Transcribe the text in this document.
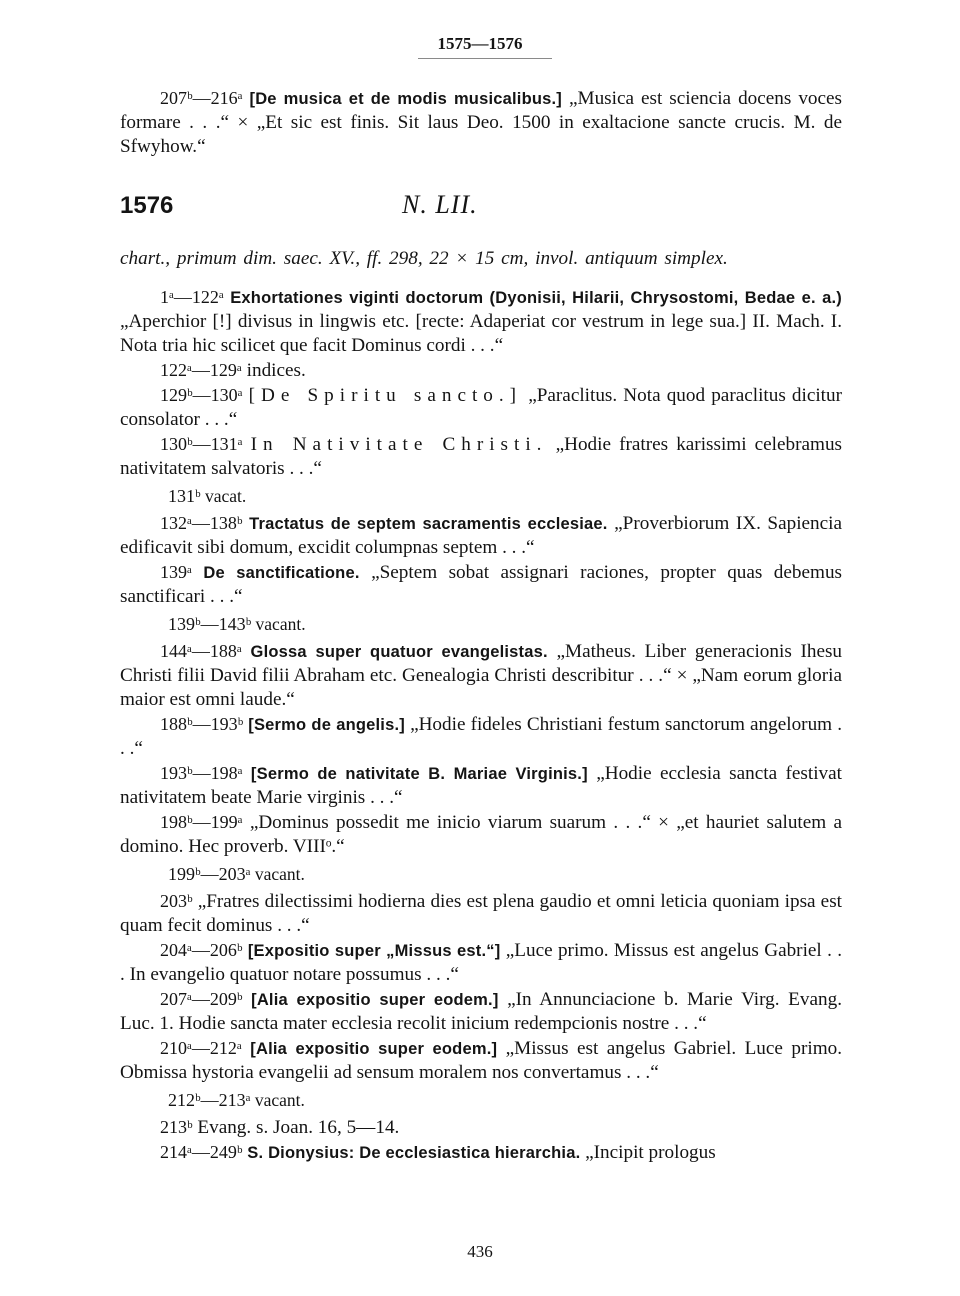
1575—1576

207ᵇ—216ᵃ [De musica et de modis musicalibus.] „Musica est sciencia docens voces formare . . .“ × „Et sic est finis. Sit laus Deo. 1500 in exaltacione sancte crucis. M. de Sfwyhow.“

1576	N. LII.

chart., primum dim. saec. XV., ff. 298, 22 × 15 cm, invol. antiquum simplex.

1ᵃ—122ᵃ Exhortationes viginti doctorum (Dyonisii, Hilarii, Chrysostomi, Bedae e. a.) „Aperchior [!] divisus in lingwis etc. [recte: Adaperiat cor vestrum in lege sua.] II. Mach. I. Nota tria hic scilicet que facit Dominus cordi . . .“

122ᵃ—129ᵃ indices.

129ᵇ—130ᵃ [De Spiritu sancto.] „Paraclitus. Nota quod paraclitus dicitur consolator . . .“

130ᵇ—131ᵃ In Nativitate Christi. „Hodie fratres karissimi celebramus nativitatem salvatoris . . .“

131ᵇ vacat.

132ᵃ—138ᵇ Tractatus de septem sacramentis ecclesiae. „Proverbiorum IX. Sapiencia edificavit sibi domum, excidit columpnas septem . . .“

139ᵃ De sanctificatione. „Septem sobat assignari raciones, propter quas debemus sanctificari . . .“

139ᵇ—143ᵇ vacant.

144ᵃ—188ᵃ Glossa super quatuor evangelistas. „Matheus. Liber generacionis Ihesu Christi filii David filii Abraham etc. Genealogia Christi describitur . . .“ × „Nam eorum gloria maior est omni laude.“

188ᵇ—193ᵇ [Sermo de angelis.] „Hodie fideles Christiani festum sanctorum angelorum . . .“

193ᵇ—198ᵃ [Sermo de nativitate B. Mariae Virginis.] „Hodie ecclesia sancta festivat nativitatem beate Marie virginis . . .“

198ᵇ—199ᵃ „Dominus possedit me inicio viarum suarum . . .“ × „et hauriet salutem a domino. Hec proverb. VIIIᵒ.“

199ᵇ—203ᵃ vacant.

203ᵇ „Fratres dilectissimi hodierna dies est plena gaudio et omni leticia quoniam ipsa est quam fecit dominus . . .“

204ᵃ—206ᵇ [Expositio super „Missus est.“] „Luce primo. Missus est angelus Gabriel . . . In evangelio quatuor notare possumus . . .“

207ᵃ—209ᵇ [Alia expositio super eodem.] „In Annunciacione b. Marie Virg. Evang. Luc. 1. Hodie sancta mater ecclesia recolit inicium redempcionis nostre . . .“

210ᵃ—212ᵃ [Alia expositio super eodem.] „Missus est angelus Gabriel. Luce primo. Obmissa hystoria evangelii ad sensum moralem nos convertamus . . .“

212ᵇ—213ᵃ vacant.

213ᵇ Evang. s. Joan. 16, 5—14.

214ᵃ—249ᵇ S. Dionysius: De ecclesiastica hierarchia. „Incipit prologus

436
